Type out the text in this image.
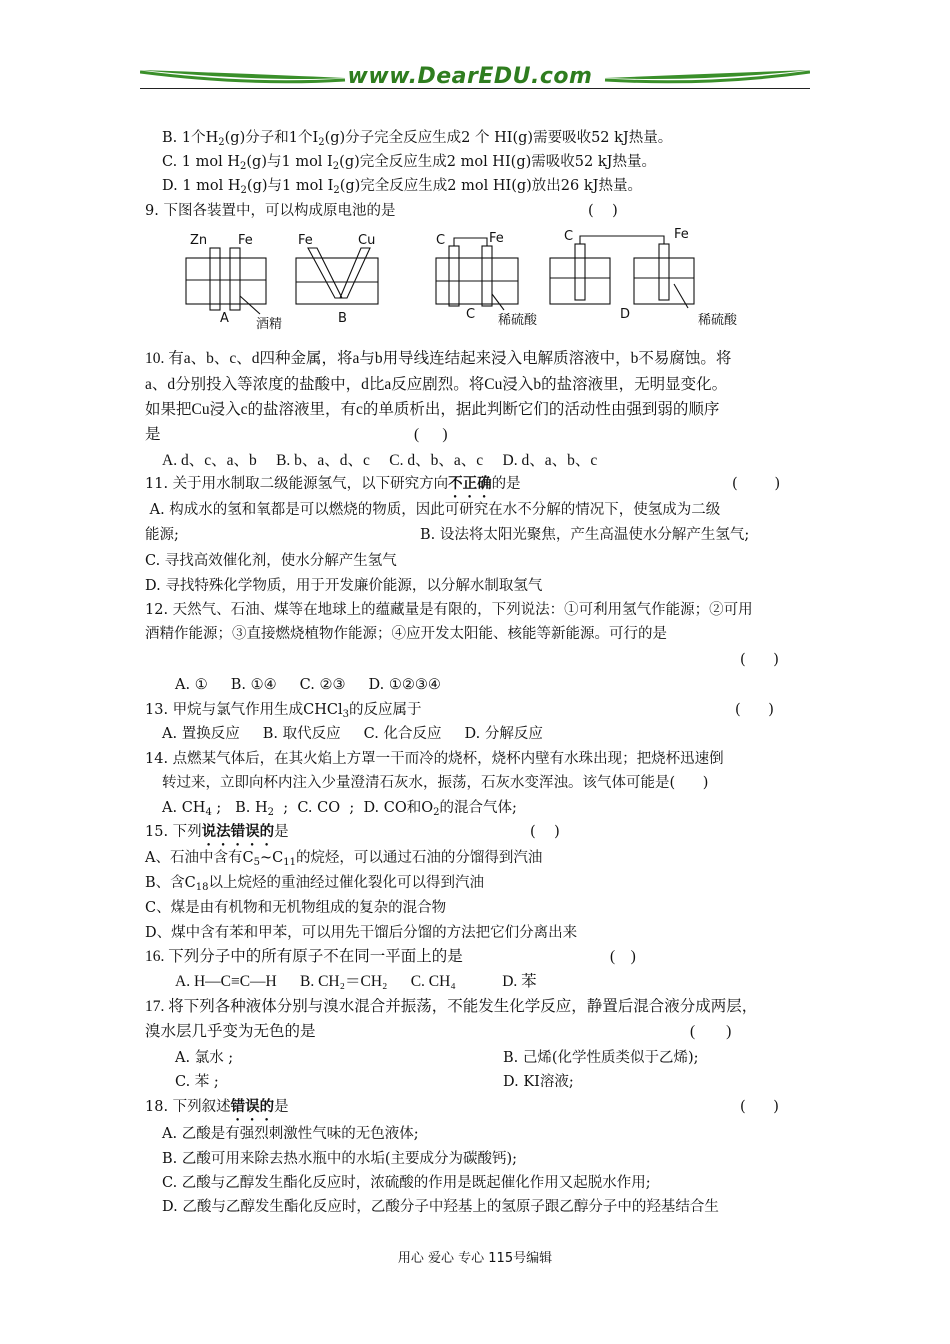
www.DearEDU.com
B. 1个$H_2(g)$分子和1个$I_2(g)$分子完全反应生成2 个 HI(g)需要吸收52 kJ热量。
C. 1 mol $H_2(g)$与1 mol $I_2(g)$完全反应生成2 mol HI(g)需吸收52 kJ热量。
D. 1 mol $H_2(g)$与1 mol $I_2(g)$完全反应生成2 mol HI(g)放出26 kJ热量。
9. 下图各装置中，可以构成原电池的是	(    )
Zn Fe
A 酒精
Fe	Cu
B
C	Fe
C 稀硫酸
C	Fe
D	稀硫酸
10. 有a、b、c、d四种金属，将a与b用导线连结起来浸入电解质溶液中，b不易腐蚀。将
a、d分别投入等浓度的盐酸中，d比a反应剧烈。将Cu浸入b的盐溶液里，无明显变化。
如果把Cu浸入c的盐溶液里，有c的单质析出，据此判断它们的活动性由强到弱的顺序
是	(      )
A. d、c、a、b     B. b、a、d、c     C. d、b、a、c     D. d、a、b、c
11. 关于用水制取二级能源氢气，以下研究方向不正确的是	(        )
A. 构成水的氢和氧都是可以燃烧的物质，因此可研究在水不分解的情况下，使氢成为二级
能源;	B. 设法将太阳光聚焦，产生高温使水分解产生氢气;
C. 寻找高效催化剂，使水分解产生氢气
D. 寻找特殊化学物质，用于开发廉价能源，以分解水制取氢气
12. 天然气、石油、煤等在地球上的蕴藏量是有限的，下列说法：①可利用氢气作能源；②可用
酒精作能源；③直接燃烧植物作能源；④应开发太阳能、核能等新能源。可行的是
(      )
A. ①     B. ①④     C. ②③     D. ①②③④
13. 甲烷与氯气作用生成CHCl$_3$的反应属于	(      )
A. 置换反应     B. 取代反应     C. 化合反应     D. 分解反应
14. 点燃某气体后，在其火焰上方罩一干而冷的烧杯，烧杯内壁有水珠出现；把烧杯迅速倒
转过来，立即向杯内注入少量澄清石灰水，振荡，石灰水变浑浊。该气体可能是(      )
A. $CH_4$ ;   B. $H_2$  ;  C. CO  ;  D. CO和$O_2$的混合气体;
15. 下列说法错误的是	(    )
A、石油中含有$C_5\sim C_{11}$的烷烃，可以通过石油的分馏得到汽油
B、含$C_{18}$以上烷烃的重油经过催化裂化可以得到汽油
C、煤是由有机物和无机物组成的复杂的混合物
D、煤中含有苯和甲苯，可以用先干馏后分馏的方法把它们分离出来
16. 下列分子中的所有原子不在同一平面上的是	(    )
A. H—C≡C—H      B. CH₂＝CH₂      C. CH₄            D. 苯
17. 将下列各种液体分别与溴水混合并振荡，不能发生化学反应，静置后混合液分成两层，
溴水层几乎变为无色的是	(        )
A. 氯水 ;	B. 己烯(化学性质类似于乙烯);
C. 苯 ;	D. KI溶液;
18. 下列叙述错误的是	(      )
A. 乙酸是有强烈刺激性气味的无色液体;
B. 乙酸可用来除去热水瓶中的水垢(主要成分为碳酸钙);
C. 乙酸与乙醇发生酯化反应时，浓硫酸的作用是既起催化作用又起脱水作用;
D. 乙酸与乙醇发生酯化反应时，乙酸分子中羟基上的氢原子跟乙醇分子中的羟基结合生
用心 爱心 专心 115号编辑
